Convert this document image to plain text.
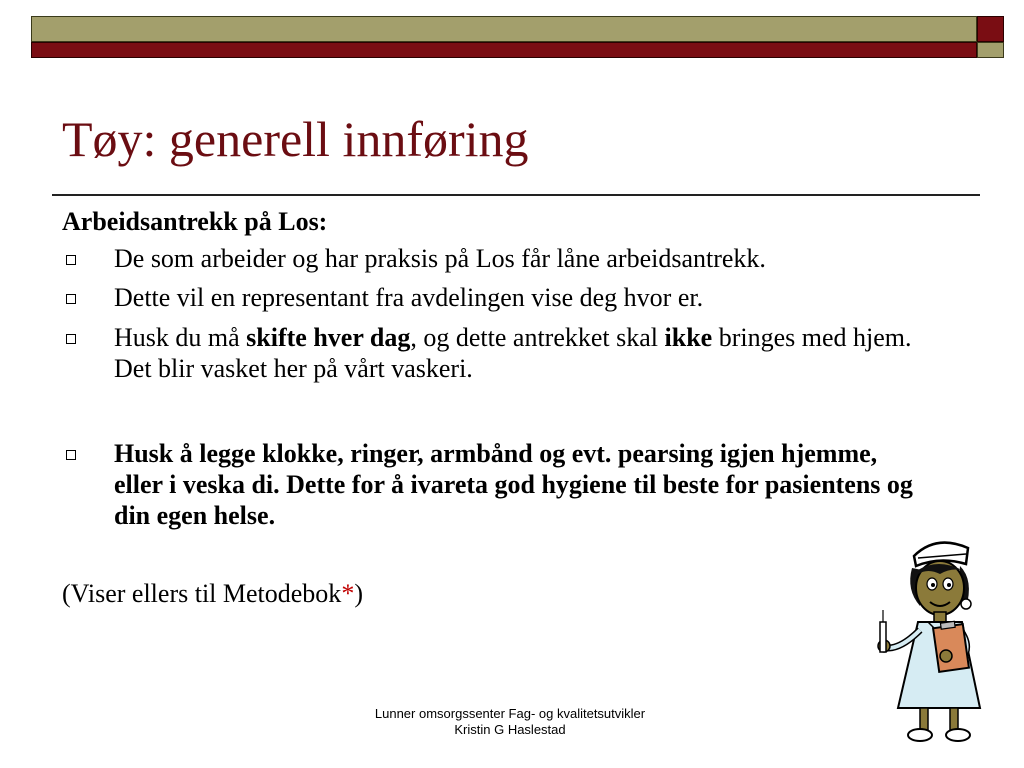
Tøy: generell innføring
Arbeidsantrekk på Los:
De som arbeider og har praksis på Los får låne arbeidsantrekk.
Dette vil en representant fra avdelingen vise deg hvor er.
Husk du må skifte hver dag, og dette antrekket skal ikke bringes med hjem. Det blir vasket her på vårt vaskeri.
Husk å legge klokke, ringer, armbånd og evt. pearsing igjen hjemme, eller i veska di. Dette for å ivareta god hygiene til beste for pasientens og din egen helse.
(Viser ellers til Metodebok*)
Lunner omsorgssenter Fag- og kvalitetsutvikler
Kristin G Haslestad
